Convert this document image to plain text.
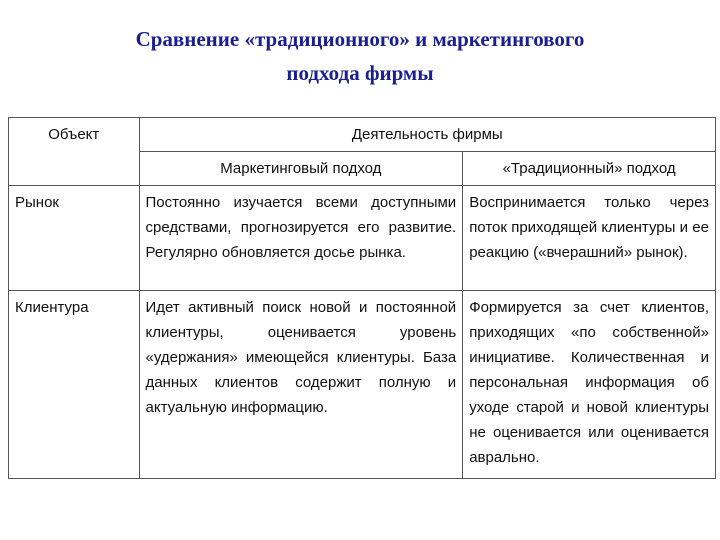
Сравнение «традиционного» и маркетингового
подхода фирмы
Объект	Деятельность фирмы	
	Маркетинговый подход	«Традиционный» подход
Рынок	Постоянно изучается всеми доступными средствами, прогнозируется его развитие. Регулярно обновляется досье рынка.	Воспринимается только через поток приходящей клиентуры и ее реакцию («вчерашний» рынок).
Клиентура	Идет активный поиск новой и постоянной клиентуры, оценивается уровень «удержания» имеющейся клиентуры. База данных клиентов содержит полную и актуальную информацию.	Формируется за счет клиентов, приходящих «по собственной» инициативе. Количественная и персональная информация об уходе старой и новой клиентуры не оценивается или оценивается аврально.
